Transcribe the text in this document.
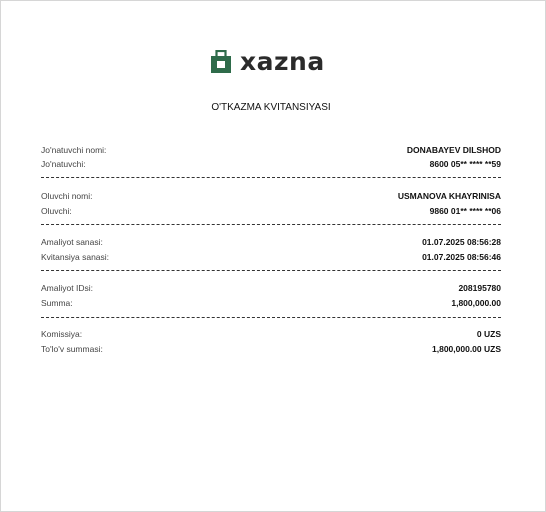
xazna
O'TKAZMA KVITANSIYASI
Jo'natuvchi nomi:	DONABAYEV DILSHOD
Jo'natuvchi:	8600 05** **** **59
Oluvchi nomi:	USMANOVA KHAYRINISA
Oluvchi:	9860 01** **** **06
Amaliyot sanasi:	01.07.2025 08:56:28
Kvitansiya sanasi:	01.07.2025 08:56:46
Amaliyot IDsi:	208195780
Summa:	1,800,000.00
Komissiya:	0 UZS
To'lo'v summasi:	1,800,000.00 UZS
